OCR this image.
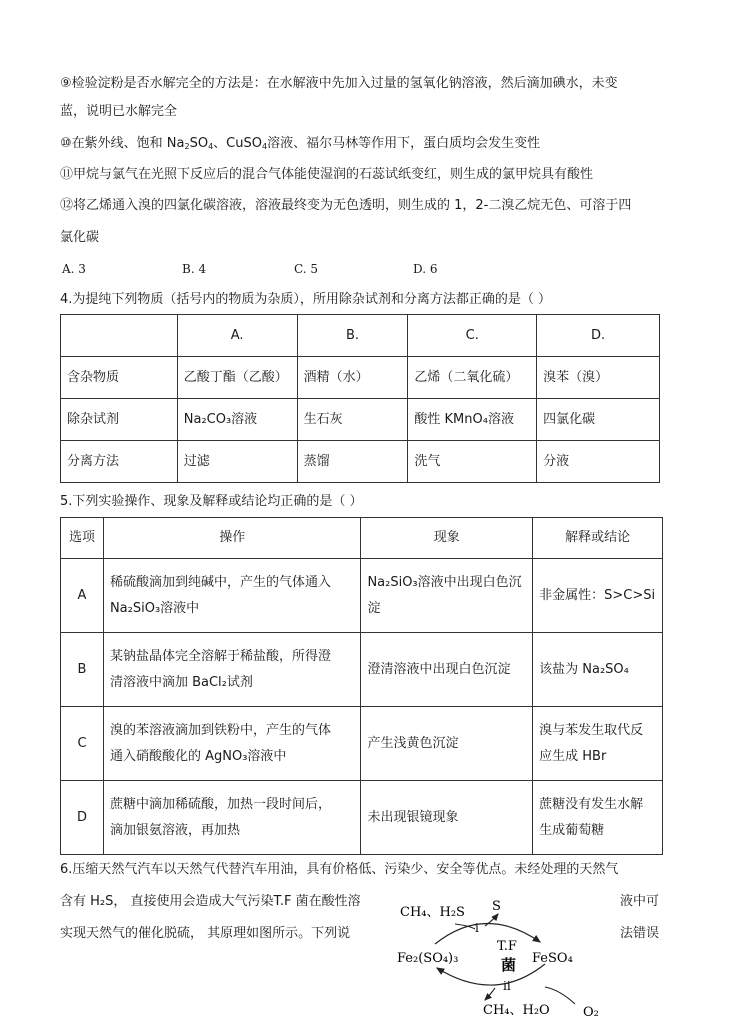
⑨检验淀粉是否水解完全的方法是：在水解液中先加入过量的氢氧化钠溶液，然后滴加碘水，未变
蓝，说明已水解完全
⑩在紫外线、饱和 $Na_2SO_4$、CuSO$_4$溶液、福尔马林等作用下，蛋白质均会发生变性
⑪甲烷与氯气在光照下反应后的混合气体能使湿润的石蕊试纸变红，则生成的氯甲烷具有酸性
⑫将乙烯通入溴的四氯化碳溶液，溶液最终变为无色透明，则生成的 1，2-二溴乙烷无色、可溶于四
氯化碳
A. 3	B. 4	C. 5	D. 6
4.为提纯下列物质（括号内的物质为杂质），所用除杂试剂和分离方法都正确的是（ ）
	A.	B.	C.	D.
含杂物质	乙酸丁酯（乙酸）	酒精（水）	乙烯（二氧化硫）	溴苯（溴）
除杂试剂	Na₂CO₃溶液	生石灰	酸性 KMnO₄溶液	四氯化碳
分离方法	过滤	蒸馏	洗气	分液
5.下列实验操作、现象及解释或结论均正确的是（ ）
选项	操作	现象	解释或结论
A	稀硫酸滴加到纯碱中，产生的气体通入
Na₂SiO₃溶液中	Na₂SiO₃溶液中出现白色沉
淀	非金属性：S>C>Si

B	某钠盐晶体完全溶解于稀盐酸，所得澄
清溶液中滴加 BaCl₂试剂	澄清溶液中出现白色沉淀	该盐为 Na₂SO₄

C	溴的苯溶液滴加到铁粉中，产生的气体
通入硝酸酸化的 AgNO₃溶液中	产生浅黄色沉淀	溴与苯发生取代反
应生成 HBr

D	蔗糖中滴加稀硫酸，加热一段时间后，
滴加银氨溶液，再加热	未出现银镜现象	蔗糖没有发生水解
生成葡萄糖
6.压缩天然气汽车以天然气代替汽车用油，具有价格低、污染少、安全等优点。未经处理的天然气
含有 H₂S， 直接使用会造成大气污染T.F 菌在酸性溶	液中可
实现天然气的催化脱硫， 其原理如图所示。下列说	法错误
CH₄、H₂S S
i
Fe₂(SO₄)₃	FeSO₄
T.F
菌
ii
CH₄、H₂O	O₂
